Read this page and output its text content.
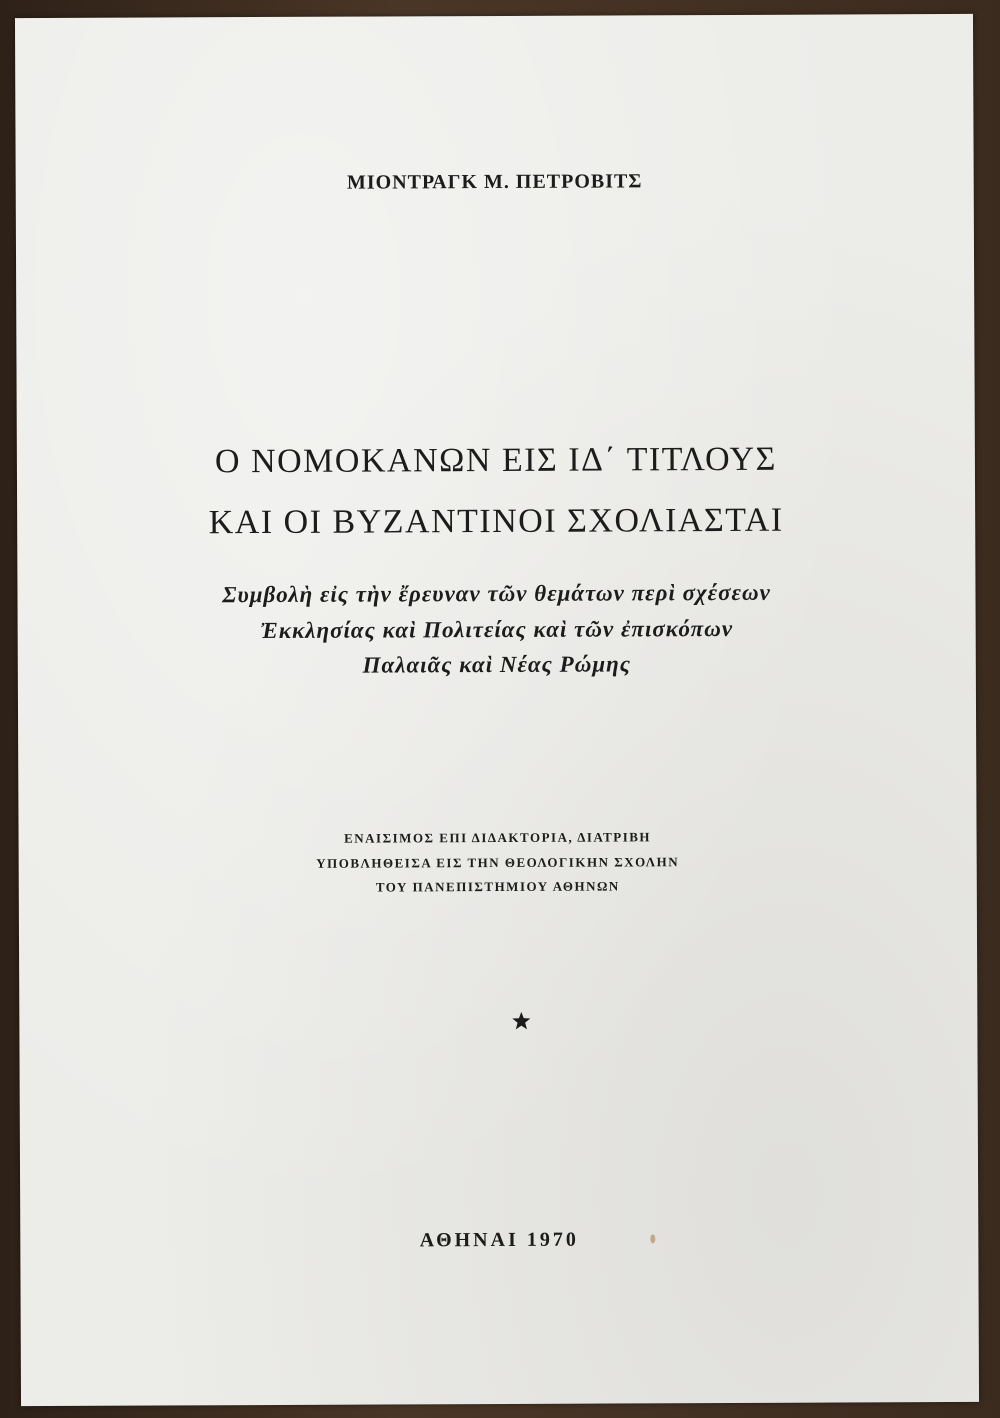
ΜΙΟΝΤΡΑΓΚ Μ. ΠΕΤΡΟΒΙΤΣ
Ο ΝΟΜΟΚΑΝΩΝ ΕΙΣ ΙΔ΄ ΤΙΤΛΟΥΣ
ΚΑΙ ΟΙ ΒΥΖΑΝΤΙΝΟΙ ΣΧΟΛΙΑΣΤΑΙ
Συμβολὴ εἰς τὴν ἔρευναν τῶν θεμάτων περὶ σχέσεων
Ἐκκλησίας καὶ Πολιτείας καὶ τῶν ἐπισκόπων
Παλαιᾶς καὶ Νέας Ρώμης
ΕΝΑΙΣΙΜΟΣ ΕΠΙ ΔΙΔΑΚΤΟΡΙΑ, ΔΙΑΤΡΙΒΗ
ΥΠΟΒΛΗΘΕΙΣΑ ΕΙΣ ΤΗΝ ΘΕΟΛΟΓΙΚΗΝ ΣΧΟΛΗΝ
ΤΟΥ ΠΑΝΕΠΙΣΤΗΜΙΟΥ ΑΘΗΝΩΝ
ΑΘΗΝΑΙ 1970
